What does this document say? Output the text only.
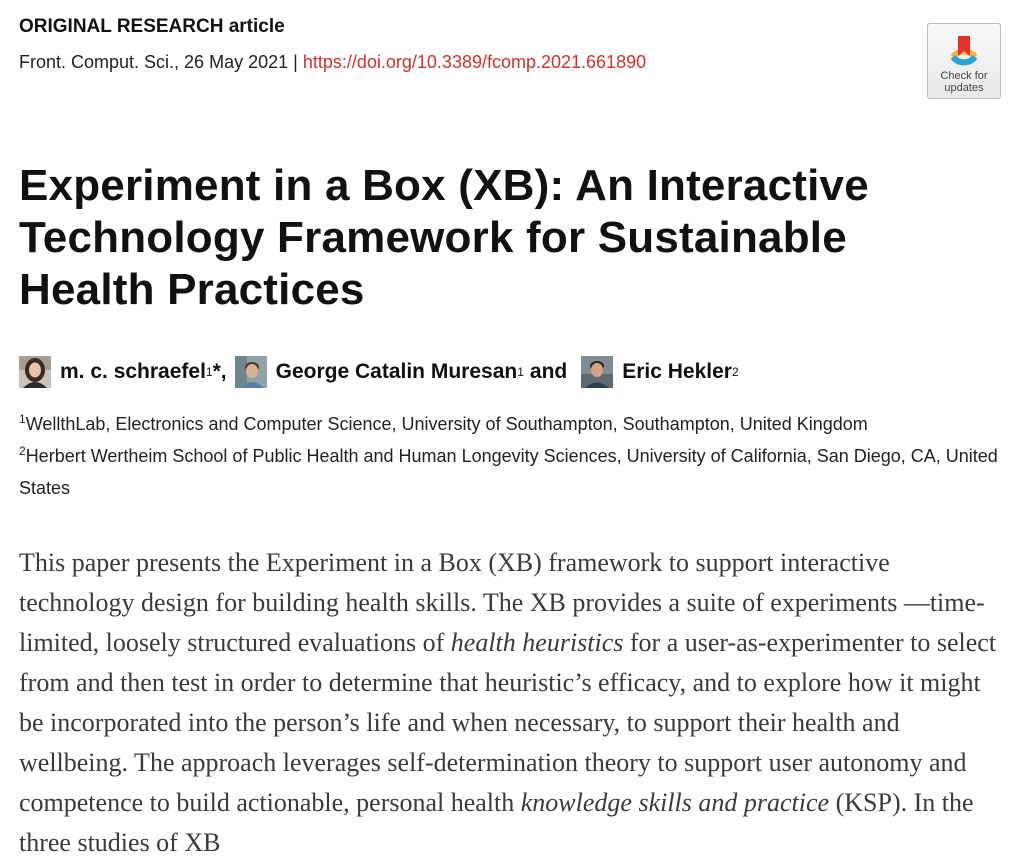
ORIGINAL RESEARCH article
Front. Comput. Sci., 26 May 2021 | https://doi.org/10.3389/fcomp.2021.661890
Check for
updates
Experiment in a Box (XB): An Interactive Technology Framework for Sustainable Health Practices
m. c. schraefel 1 * , George Catalin Muresan 1 and	Eric Hekler 2
$^1$WellthLab, Electronics and Computer Science, University of Southampton, Southampton, United Kingdom
$^2$Herbert Wertheim School of Public Health and Human Longevity Sciences, University of California, San Diego, CA, United States

This paper presents the Experiment in a Box (XB) framework to support interactive technology design for building health skills. The XB provides a suite of experiments —time-limited, loosely structured evaluations of health heuristics for a user-as-experimenter to select from and then test in order to determine that heuristic’s efficacy, and to explore how it might be incorporated into the person’s life and when necessary, to support their health and wellbeing. The approach leverages self-determination theory to support user autonomy and competence to build actionable, personal health knowledge skills and practice (KSP). In the three studies of XB
